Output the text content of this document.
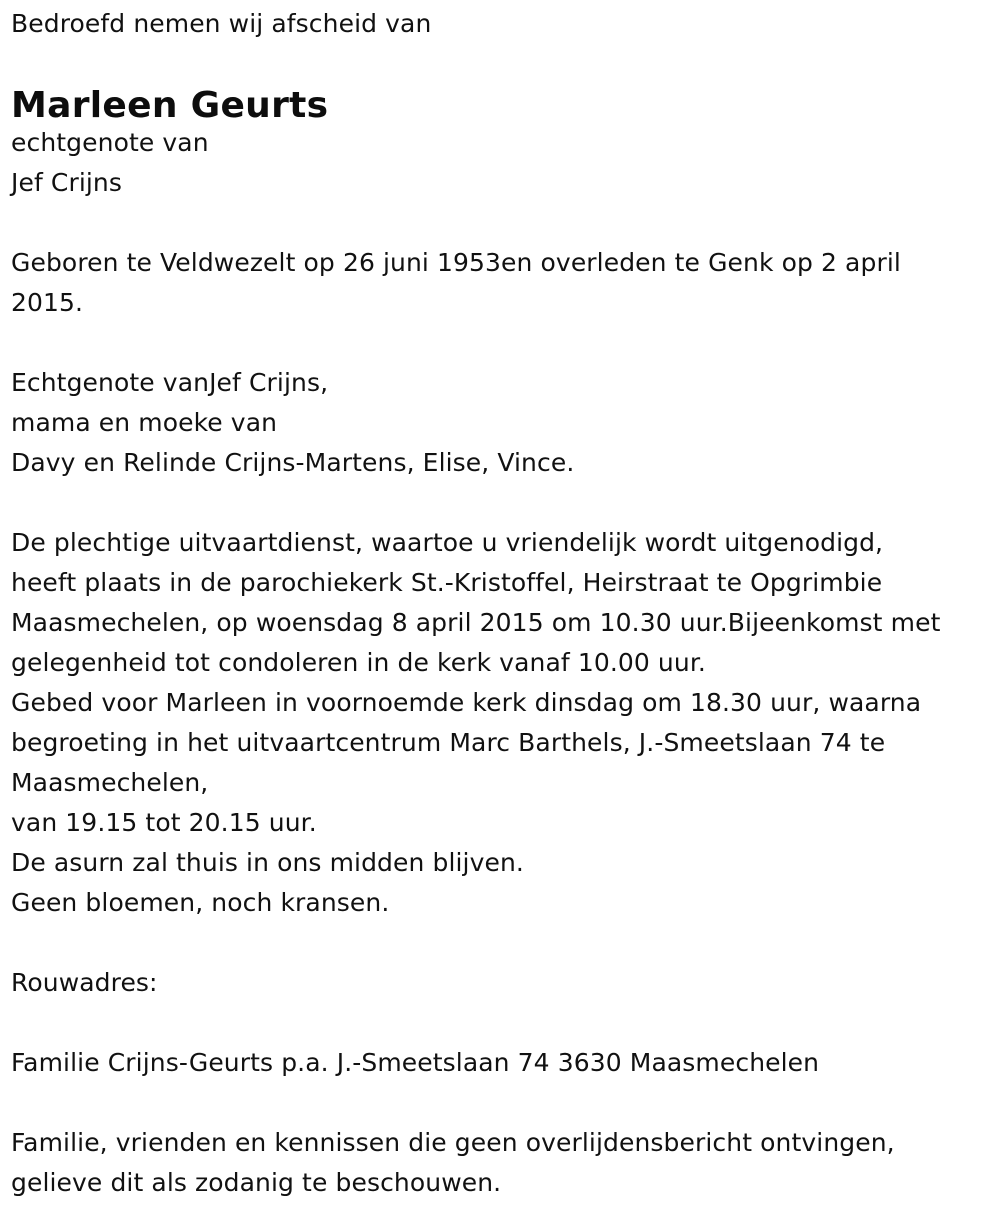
Bedroefd nemen wij afscheid van
Marleen Geurts
echtgenote van
Jef Crijns
Geboren te Veldwezelt op 26 juni 1953en overleden te Genk op 2 april
2015.
Echtgenote vanJef Crijns,
mama en moeke van
Davy en Relinde Crijns-Martens, Elise, Vince.
De plechtige uitvaartdienst, waartoe u vriendelijk wordt uitgenodigd,
heeft plaats in de parochiekerk St.-Kristoffel, Heirstraat te Opgrimbie
Maasmechelen, op woensdag 8 april 2015 om 10.30 uur.Bijeenkomst met
gelegenheid tot condoleren in de kerk vanaf 10.00 uur.
Gebed voor Marleen in voornoemde kerk dinsdag om 18.30 uur, waarna
begroeting in het uitvaartcentrum Marc Barthels, J.-Smeetslaan 74 te
Maasmechelen,
van 19.15 tot 20.15 uur.
De asurn zal thuis in ons midden blijven.
Geen bloemen, noch kransen.
Rouwadres:
Familie Crijns-Geurts p.a. J.-Smeetslaan 74 3630 Maasmechelen
Familie, vrienden en kennissen die geen overlijdensbericht ontvingen,
gelieve dit als zodanig te beschouwen.
